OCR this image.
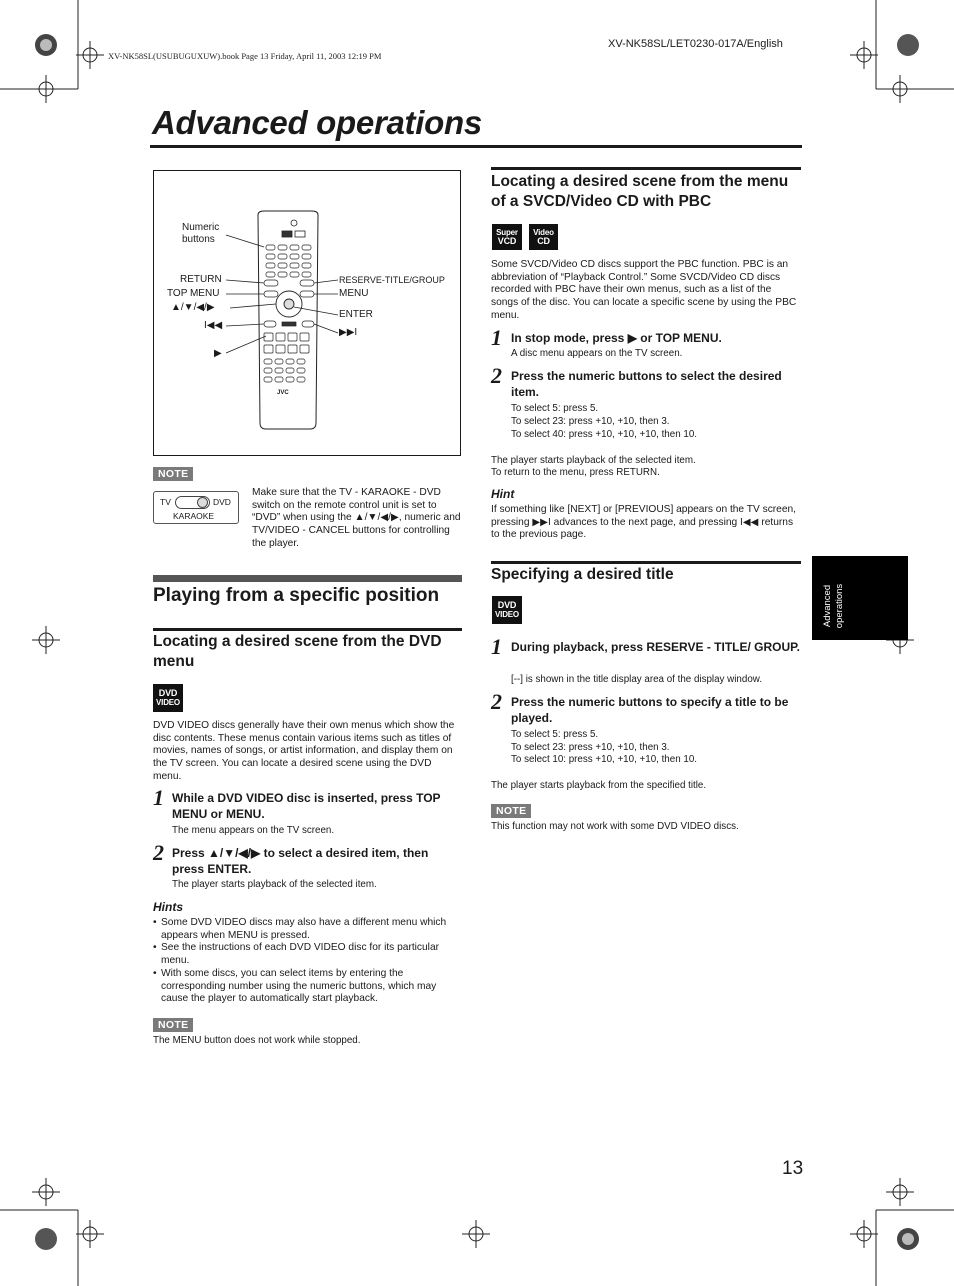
XV-NK58SL(USUBUGUXUW).book Page 13 Friday, April 11, 2003 12:19 PM
XV-NK58SL/LET0230-017A/English
Advanced operations
Advanced
operations
Numeric
buttons
RETURN
TOP MENU
▲/▼/◀/▶
I◀◀
▶
RESERVE-TITLE/GROUP
MENU
ENTER
▶▶I
JVC
NOTE
TV	DVD
KARAOKE
Make sure that the TV - KARAOKE - DVD switch on the remote control unit is set to “DVD” when using the ▲/▼/◀/▶, numeric and TV/VIDEO - CANCEL buttons for controlling the player.
Playing from a specific position
Locating a desired scene from the DVD menu
DVD
VIDEO
DVD VIDEO discs generally have their own menus which show the disc contents. These menus contain various items such as titles of movies, names of songs, or artist information, and display them on the TV screen. You can locate a desired scene using the DVD menu.
1 While a DVD VIDEO disc is inserted, press TOP MENU or MENU.
The menu appears on the TV screen.
2 Press ▲/▼/◀/▶ to select a desired item, then press ENTER.
The player starts playback of the selected item.
Hints
• Some DVD VIDEO discs may also have a different menu which appears when MENU is pressed.
• See the instructions of each DVD VIDEO disc for its particular menu.
• With some discs, you can select items by entering the corresponding number using the numeric buttons, which may cause the player to automatically start playback.
NOTE
The MENU button does not work while stopped.
Locating a desired scene from the menu of a SVCD/Video CD with PBC
Super
VCD
Video
CD
Some SVCD/Video CD discs support the PBC function. PBC is an abbreviation of “Playback Control.” Some SVCD/Video CD discs recorded with PBC have their own menus, such as a list of the songs of the disc. You can locate a specific scene by using the PBC menu.
1 In stop mode, press ▶ or TOP MENU.
A disc menu appears on the TV screen.
2 Press the numeric buttons to select the desired item.
To select 5: press 5.
To select 23: press +10, +10, then 3.
To select 40: press +10, +10, +10, then 10.
The player starts playback of the selected item.
To return to the menu, press RETURN.
Hint
If something like [NEXT] or [PREVIOUS] appears on the TV screen, pressing ▶▶I advances to the next page, and pressing I◀◀ returns to the previous page.
Specifying a desired title
DVD
VIDEO
1 During playback, press RESERVE - TITLE/ GROUP.
[--] is shown in the title display area of the display window.
2 Press the numeric buttons to specify a title to be played.
To select 5: press 5.
To select 23: press +10, +10, then 3.
To select 10: press +10, +10, +10, then 10.
The player starts playback from the specified title.
NOTE
This function may not work with some DVD VIDEO discs.
13
